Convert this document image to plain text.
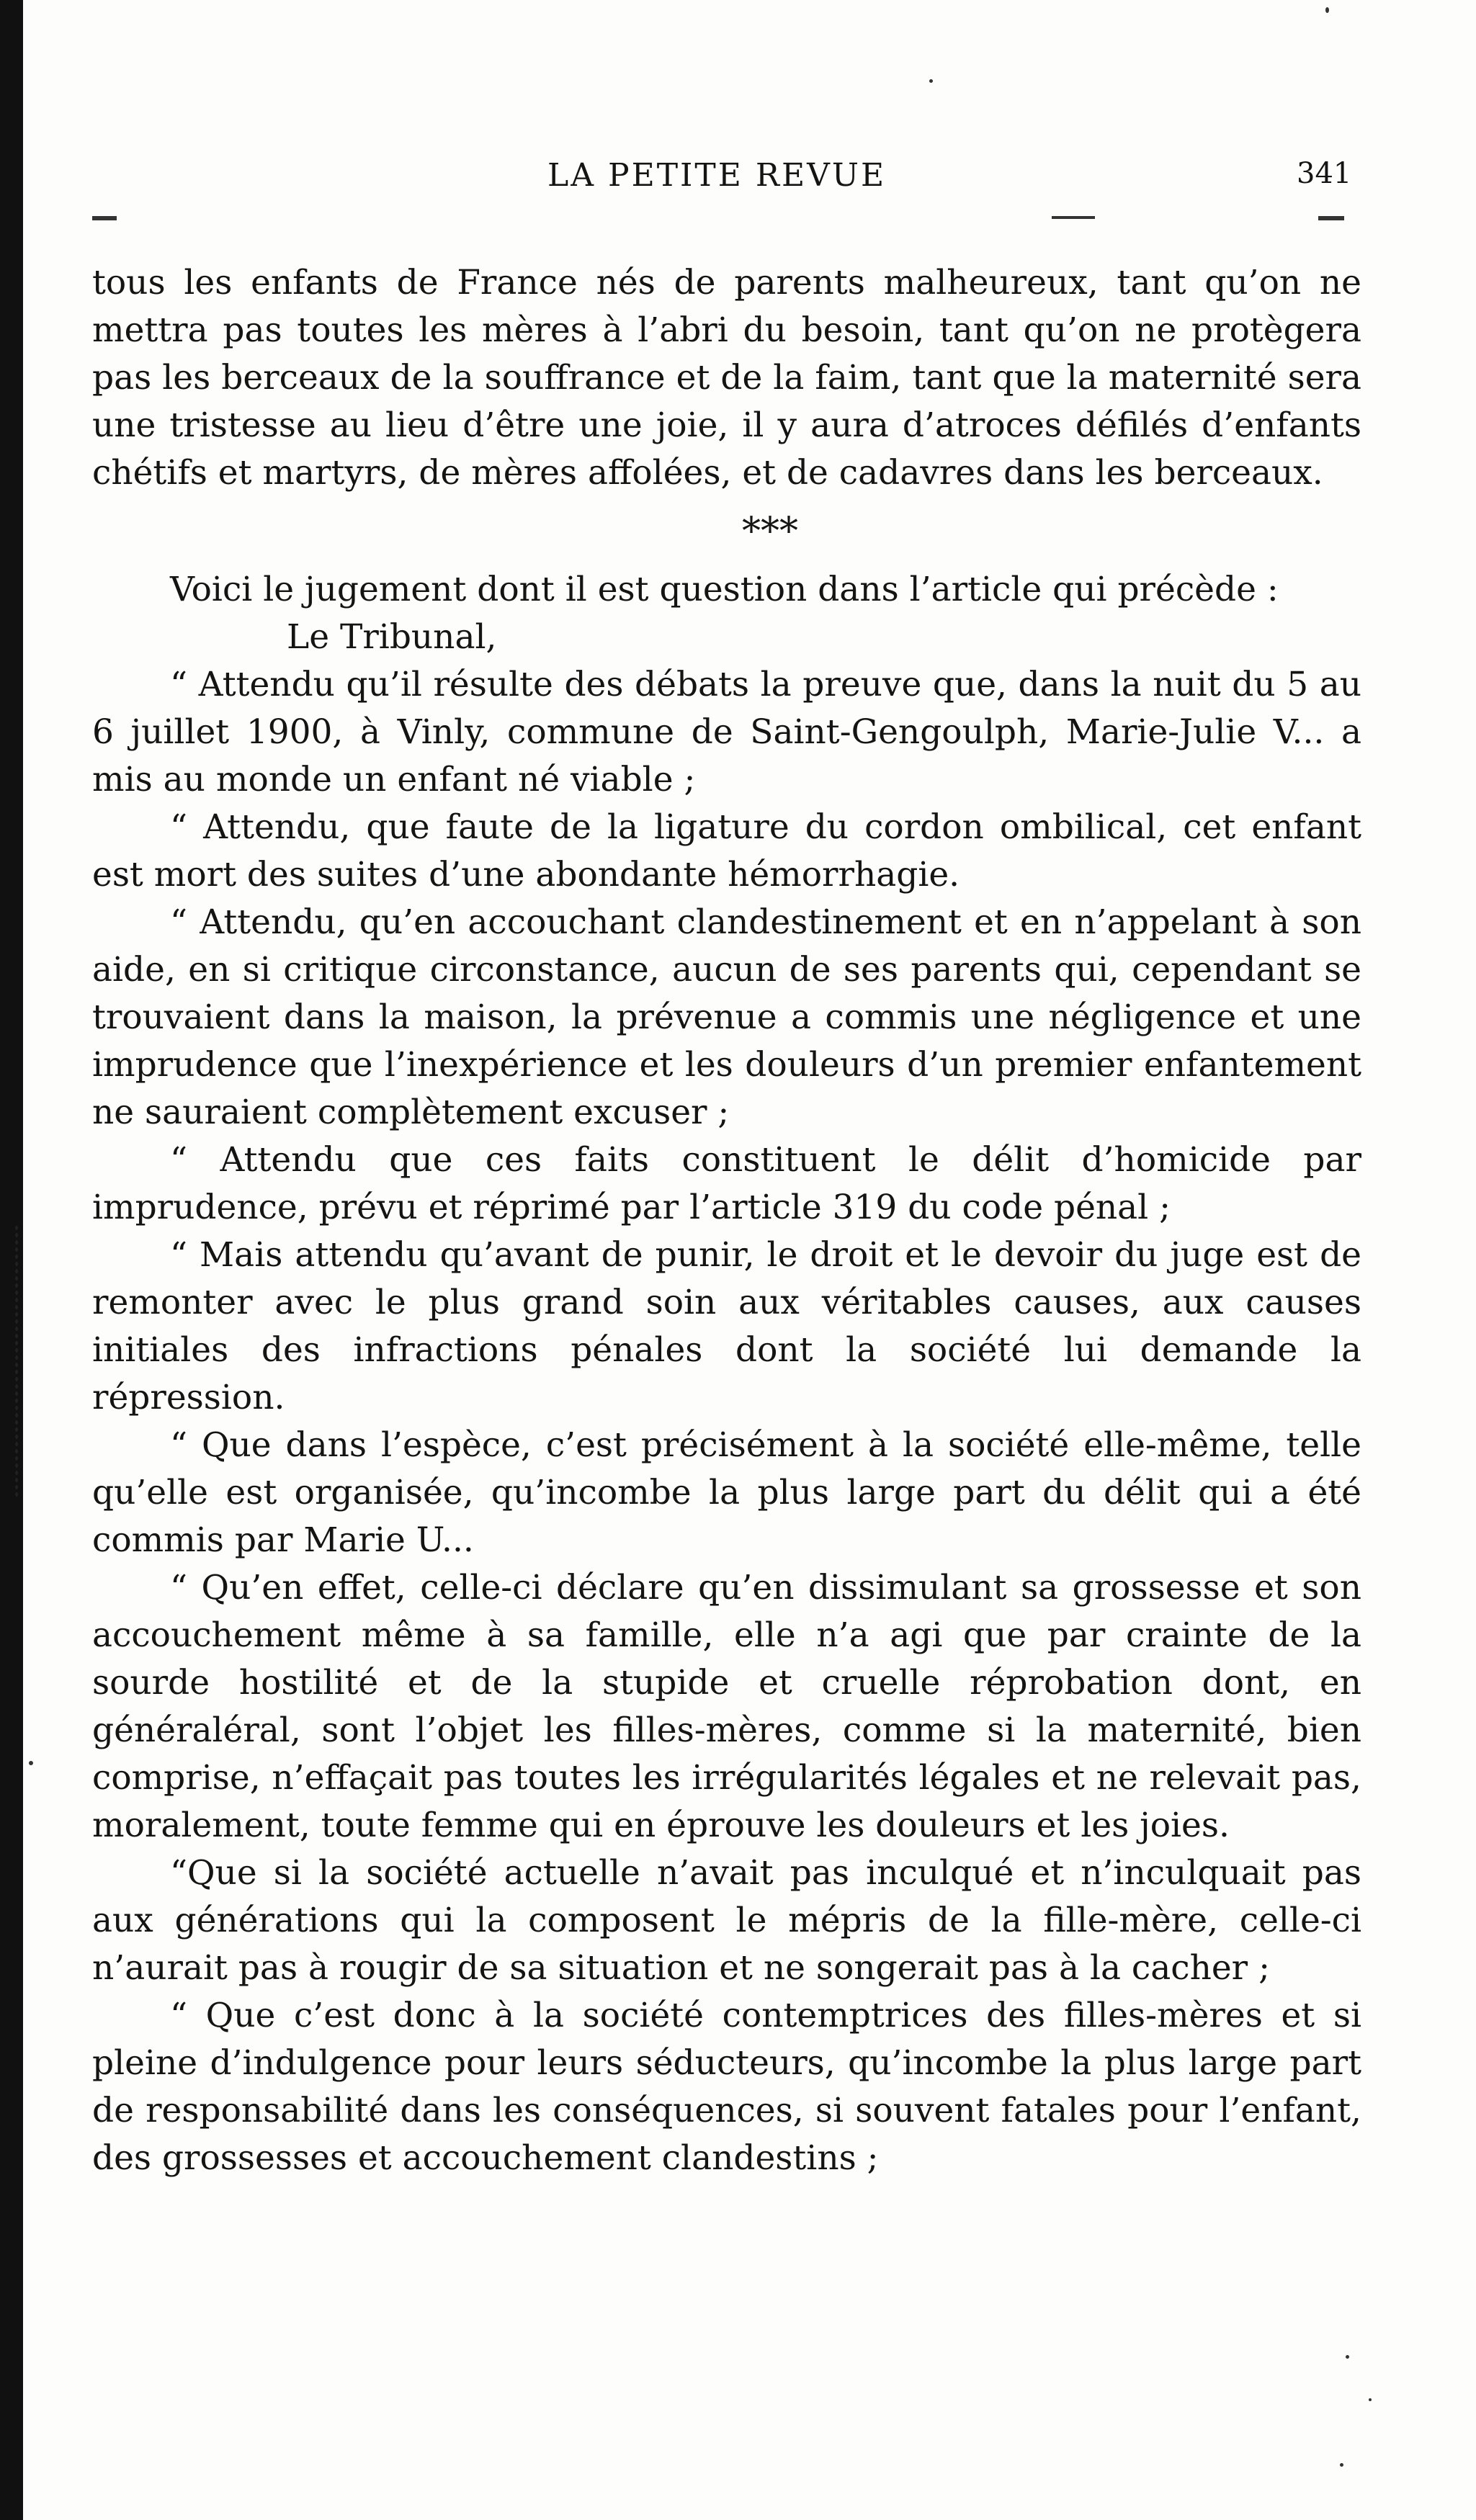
LA PETITE REVUE	341

tous les enfants de France nés de parents malheureux, tant qu’on ne mettra pas toutes les mères à l’abri du besoin, tant qu’on ne protègera pas les berceaux de la souffrance et de la faim, tant que la maternité sera une tristesse au lieu d’être une joie, il y aura d’atroces défilés d’enfants chétifs et martyrs, de mères affolées, et de cadavres dans les berceaux.

***

Voici le jugement dont il est question dans l’article qui précède :

Le Tribunal,

“ Attendu qu’il résulte des débats la preuve que, dans la nuit du 5 au 6 juillet 1900, à Vinly, commune de Saint-Gengoulph, Marie-Julie V... a mis au monde un enfant né viable ;

“ Attendu, que faute de la ligature du cordon ombilical, cet enfant est mort des suites d’une abondante hémorrhagie.

“ Attendu, qu’en accouchant clandestinement et en n’appelant à son aide, en si critique circonstance, aucun de ses parents qui, cependant se trouvaient dans la maison, la prévenue a commis une négligence et une imprudence que l’inexpérience et les douleurs d’un premier enfantement ne sauraient complètement excuser ;

“ Attendu que ces faits constituent le délit d’homicide par imprudence, prévu et réprimé par l’article 319 du code pénal ;

“ Mais attendu qu’avant de punir, le droit et le devoir du juge est de remonter avec le plus grand soin aux véritables causes, aux causes initiales des infractions pénales dont la société lui demande la répression.

“ Que dans l’espèce, c’est précisément à la société elle-même, telle qu’elle est organisée, qu’incombe la plus large part du délit qui a été commis par Marie U...

“ Qu’en effet, celle-ci déclare qu’en dissimulant sa grossesse et son accouchement même à sa famille, elle n’a agi que par crainte de la sourde hostilité et de la stupide et cruelle réprobation dont, en généraléral, sont l’objet les filles-mères, comme si la maternité, bien comprise, n’effaçait pas toutes les irrégularités légales et ne relevait pas, moralement, toute femme qui en éprouve les douleurs et les joies.

“Que si la société actuelle n’avait pas inculqué et n’inculquait pas aux générations qui la composent le mépris de la fille-mère, celle-ci n’aurait pas à rougir de sa situation et ne songerait pas à la cacher ;

“ Que c’est donc à la société contemptrices des filles-mères et si pleine d’indulgence pour leurs séducteurs, qu’incombe la plus large part de responsabilité dans les conséquences, si souvent fatales pour l’enfant, des grossesses et accouchement clandestins ;
